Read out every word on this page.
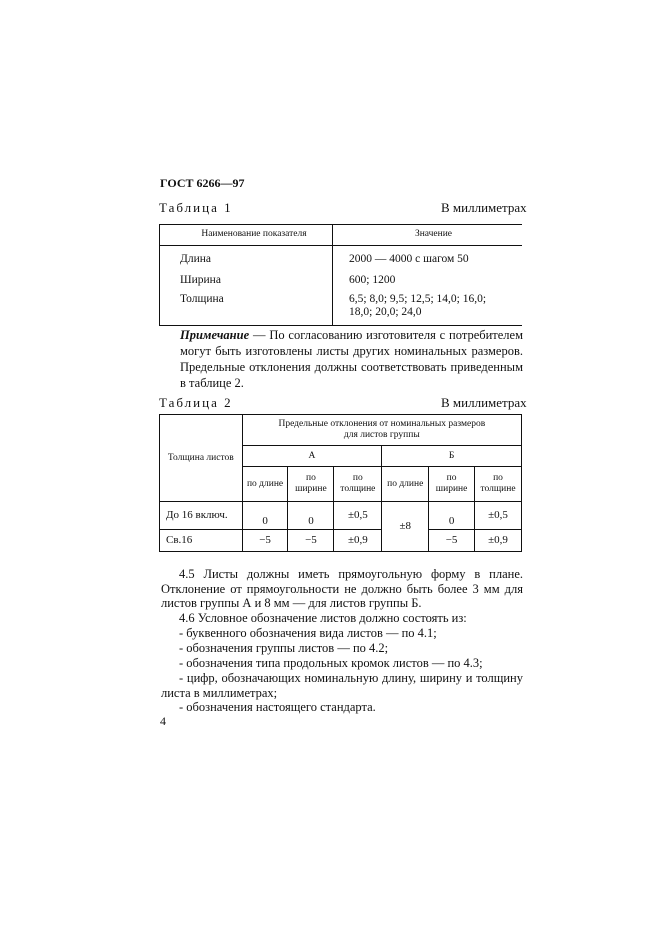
ГОСТ 6266—97
Таблица 1	В миллиметрах
Наименование показателя	Значение
Длина	2000 — 4000 с шагом 50
Ширина	600; 1200
Толщина	6,5; 8,0; 9,5; 12,5; 14,0; 16,0; 18,0; 20,0; 24,0
Примечание — По согласованию изготовителя с потребителем могут быть изготовлены листы других номинальных размеров. Предельные отклонения должны соответствовать приведенным в таблице 2.
Таблица 2	В миллиметрах
Толщина листов	Предельные отклонения от номинальных размеров для листов группы					
	А			Б		
	по длине	по ширине	по толщине	по длине	по ширине	по толщине
До 16 включ.	0	0	±0,5	±8	0	±0,5
Св.16	−5	−5	±0,9		−5	±0,9
4.5 Листы должны иметь прямоугольную форму в плане. Отклонение от прямоугольности не должно быть более 3 мм для листов группы А и 8 мм — для листов группы Б.
4.6 Условное обозначение листов должно состоять из:
- буквенного обозначения вида листов — по 4.1;
- обозначения группы листов — по 4.2;
- обозначения типа продольных кромок листов — по 4.3;
- цифр, обозначающих номинальную длину, ширину и толщину листа в миллиметрах;
- обозначения настоящего стандарта.
4
